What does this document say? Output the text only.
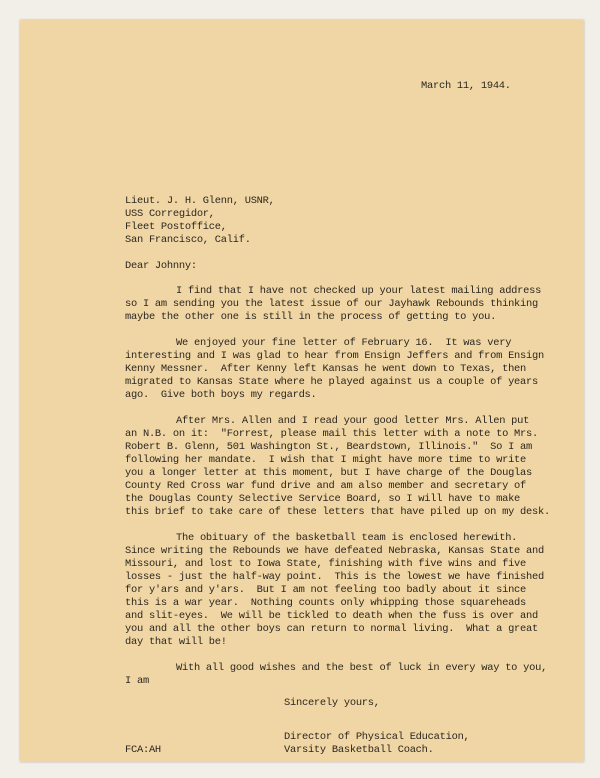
March 11, 1944.
Lieut. J. H. Glenn, USNR,
USS Corregidor,
Fleet Postoffice,
San Francisco, Calif.
Dear Johnny:
I find that I have not checked up your latest mailing address
so I am sending you the latest issue of our Jayhawk Rebounds thinking
maybe the other one is still in the process of getting to you.
We enjoyed your fine letter of February 16.  It was very
interesting and I was glad to hear from Ensign Jeffers and from Ensign
Kenny Messner.  After Kenny left Kansas he went down to Texas, then
migrated to Kansas State where he played against us a couple of years
ago.  Give both boys my regards.
After Mrs. Allen and I read your good letter Mrs. Allen put
an N.B. on it:  "Forrest, please mail this letter with a note to Mrs.
Robert B. Glenn, 501 Washington St., Beardstown, Illinois."  So I am
following her mandate.  I wish that I might have more time to write
you a longer letter at this moment, but I have charge of the Douglas
County Red Cross war fund drive and am also member and secretary of
the Douglas County Selective Service Board, so I will have to make
this brief to take care of these letters that have piled up on my desk.
The obituary of the basketball team is enclosed herewith.
Since writing the Rebounds we have defeated Nebraska, Kansas State and
Missouri, and lost to Iowa State, finishing with five wins and five
losses - just the half-way point.  This is the lowest we have finished
for y'ars and y'ars.  But I am not feeling too badly about it since
this is a war year.  Nothing counts only whipping those squareheads
and slit-eyes.  We will be tickled to death when the fuss is over and
you and all the other boys can return to normal living.  What a great
day that will be!
With all good wishes and the best of luck in every way to you,
I am
Sincerely yours,
Director of Physical Education,
Varsity Basketball Coach.
FCA:AH
